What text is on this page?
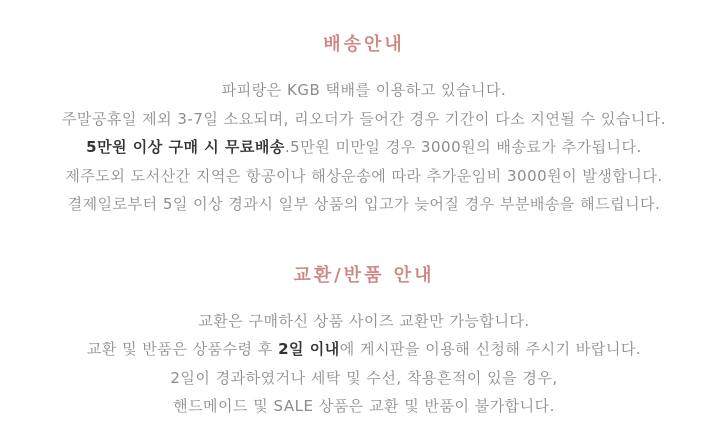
배송안내

파피랑은 KGB 택배를 이용하고 있습니다.

주말공휴일 제외 3-7일 소요되며, 리오더가 들어간 경우 기간이 다소 지연될 수 있습니다.

5만원 이상 구매 시 무료배송.5만원 미만일 경우 3000원의 배송료가 추가됩니다.

제주도외 도서산간 지역은 항공이나 해상운송에 따라 추가운임비 3000원이 발생합니다.

결제일로부터 5일 이상 경과시 일부 상품의 입고가 늦어질 경우 부분배송을 해드립니다.

교환/반품 안내

교환은 구매하신 상품 사이즈 교환만 가능합니다.

교환 및 반품은 상품수령 후 2일 이내에 게시판을 이용해 신청해 주시기 바랍니다.

2일이 경과하였거나 세탁 및 수선, 착용흔적이 있을 경우,

핸드메이드 및 SALE 상품은 교환 및 반품이 불가합니다.
